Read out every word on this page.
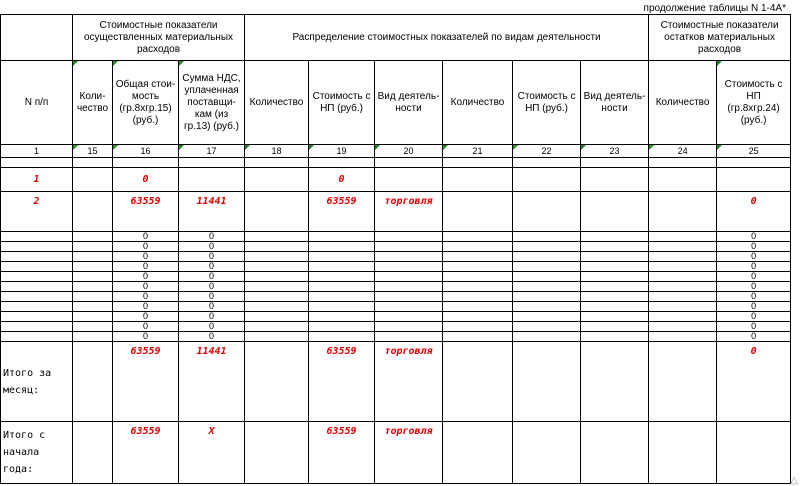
продолжение таблицы N 1-4А*
	Стоимостные показатели осуществленных материальных расходов			Распределение стоимостных показателей по видам деятельности						Стоимостные показатели остатков материальных расходов	
N п/п	Коли-чество	Общая стои-мость (гр.8хгр.15) (руб.)	Сумма НДС, уплаченная поставщи-кам (из гр.13) (руб.)	Количество	Стоимость с НП (руб.)	Вид деятель-ности	Количество	Стоимость с НП (руб.)	Вид деятель-ности	Количество	Стоимость с НП (гр.8хгр.24) (руб.)
1	15	16	17	18	19	20	21	22	23	24	25

1		0			0						
2		63559	11441		63559	торговля					0
		0	0								0
		0	0								0
		0	0								0
		0	0								0
		0	0								0
		0	0								0
		0	0								0
		0	0								0
		0	0								0
		0	0								0
		0	0								0
Итого за месяц:		63559	11441		63559	торговля					0
Итого с начала года:		63559	X		63559	торговля					
△
